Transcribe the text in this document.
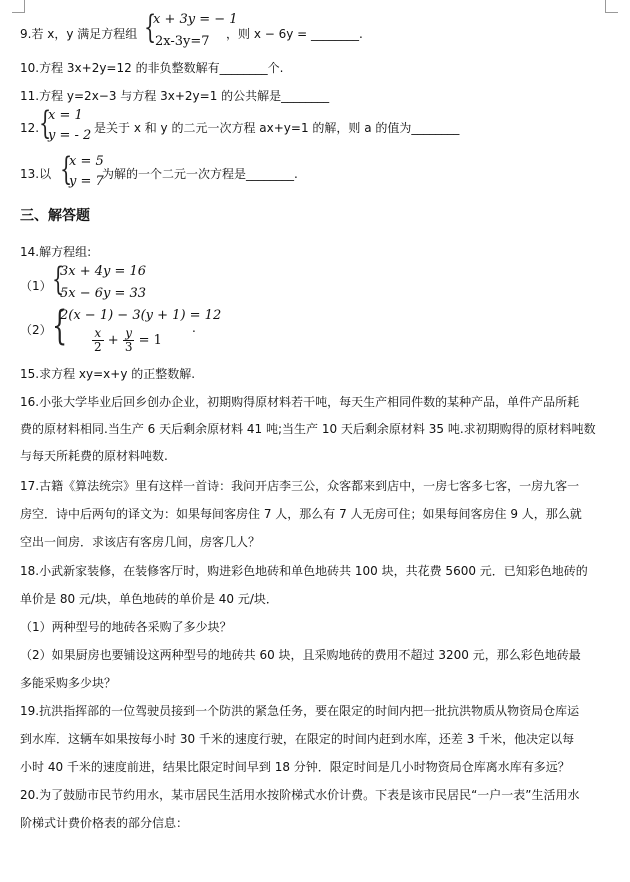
9.若 x，y 满足方程组 {
x + 3y = − 1
2x-3y=7 ，则 x − 6y = ________.
10.方程 3x+2y=12 的非负整数解有________个.
11.方程 y=2x−3 与方程 3x+2y=1 的公共解是________
12. {
x = 1
y = - 2 是关于 x 和 y 的二元一次方程 ax+y=1 的解，则 a 的值为________
13.以 {
x = 5
y = 7
为解的一个二元一次方程是________.
三、解答题
14.解方程组:
（1） {
3x + 4y = 16
5x − 6y = 33
（2） {
2(x − 1) − 3(y + 1) = 12
$\frac{x}{2} + \frac{y}{3} = 1$
.
15.求方程 xy=x+y 的正整数解.
16.小张大学毕业后回乡创办企业，初期购得原材料若干吨，每天生产相同件数的某种产品，单件产品所耗
费的原材料相同.当生产 6 天后剩余原材料 41 吨;当生产 10 天后剩余原材料 35 吨.求初期购得的原材料吨数
与每天所耗费的原材料吨数.
17.古籍《算法统宗》里有这样一首诗：我问开店李三公，众客都来到店中，一房七客多七客，一房九客一
房空．诗中后两句的译文为：如果每间客房住 7 人，那么有 7 人无房可住；如果每间客房住 9 人，那么就
空出一间房．求该店有客房几间，房客几人？
18.小武新家装修，在装修客厅时，购进彩色地砖和单色地砖共 100 块，共花费 5600 元．已知彩色地砖的
单价是 80 元/块，单色地砖的单价是 40 元/块．
（1）两种型号的地砖各采购了多少块？
（2）如果厨房也要铺设这两种型号的地砖共 60 块，且采购地砖的费用不超过 3200 元，那么彩色地砖最
多能采购多少块？
19.抗洪指挥部的一位驾驶员接到一个防洪的紧急任务，要在限定的时间内把一批抗洪物质从物资局仓库运
到水库．这辆车如果按每小时 30 千米的速度行驶，在限定的时间内赶到水库，还差 3 千米，他决定以每
小时 40 千米的速度前进，结果比限定时间早到 18 分钟．限定时间是几小时物资局仓库离水库有多远？
20.为了鼓励市民节约用水，某市居民生活用水按阶梯式水价计费。下表是该市民居民“一户一表”生活用水
阶梯式计费价格表的部分信息：
